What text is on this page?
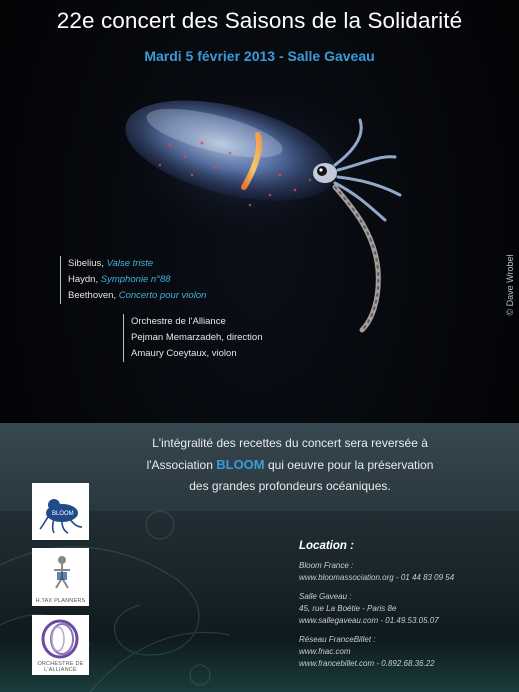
22e concert des Saisons de la Solidarité
Mardi 5 février 2013 - Salle Gaveau
© Dave Wrobel
Sibelius, Valse triste
Haydn, Symphonie n°88
Beethoven, Concerto pour violon
Orchestre de l'Alliance
Pejman Memarzadeh, direction
Amaury Coeytaux, violon
L'intégralité des recettes du concert sera reversée à
l'Association BLOOM qui oeuvre pour la préservation
des grandes profondeurs océaniques.
BLOOM
H.TAX PLANNERS
ORCHESTRE DE L'ALLIANCE
Location :
Bloom France :
www.bloomassociation.org - 01 44 83 09 54
Salle Gaveau :
45, rue La Boétie - Paris 8e
www.sallegaveau.com - 01.49.53.05.07
Réseau FranceBillet :
www.fnac.com
www.francebillet.com - 0.892.68.36.22
